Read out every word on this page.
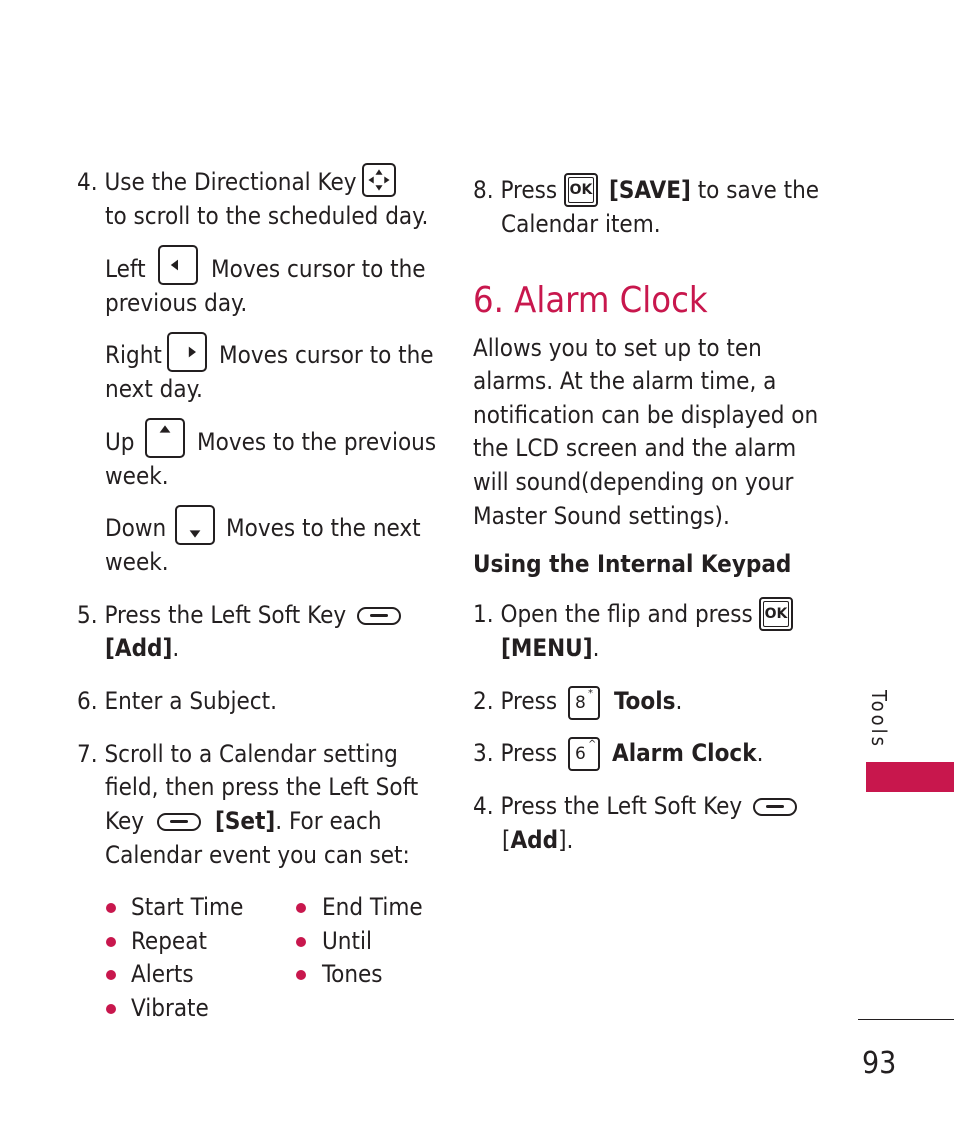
4. Use the Directional Key
to scroll to the scheduled day.
Left	Moves cursor to the
previous day.
Right Moves cursor to the
next day.
Up	Moves to the previous
week.
Down Moves to the next
week.
5. Press the Left Soft Key
[Add].
6. Enter a Subject.
7. Scroll to a Calendar setting
field, then press the Left Soft
Key	[Set]. For each
Calendar event you can set:
Start Time
Repeat
Alerts
Vibrate
End Time
Until
Tones
8. Press OK [SAVE] to save the
Calendar item.
6. Alarm Clock
Allows you to set up to ten
alarms. At the alarm time, a
notification can be displayed on
the LCD screen and the alarm
will sound(depending on your
Master Sound settings).
Using the Internal Keypad
1. Open the flip and press OK
[MENU].
2. Press	8 * Tools.
3. Press	6 ^ Alarm Clock.
4. Press the Left Soft Key
[Add].
Tools
93
